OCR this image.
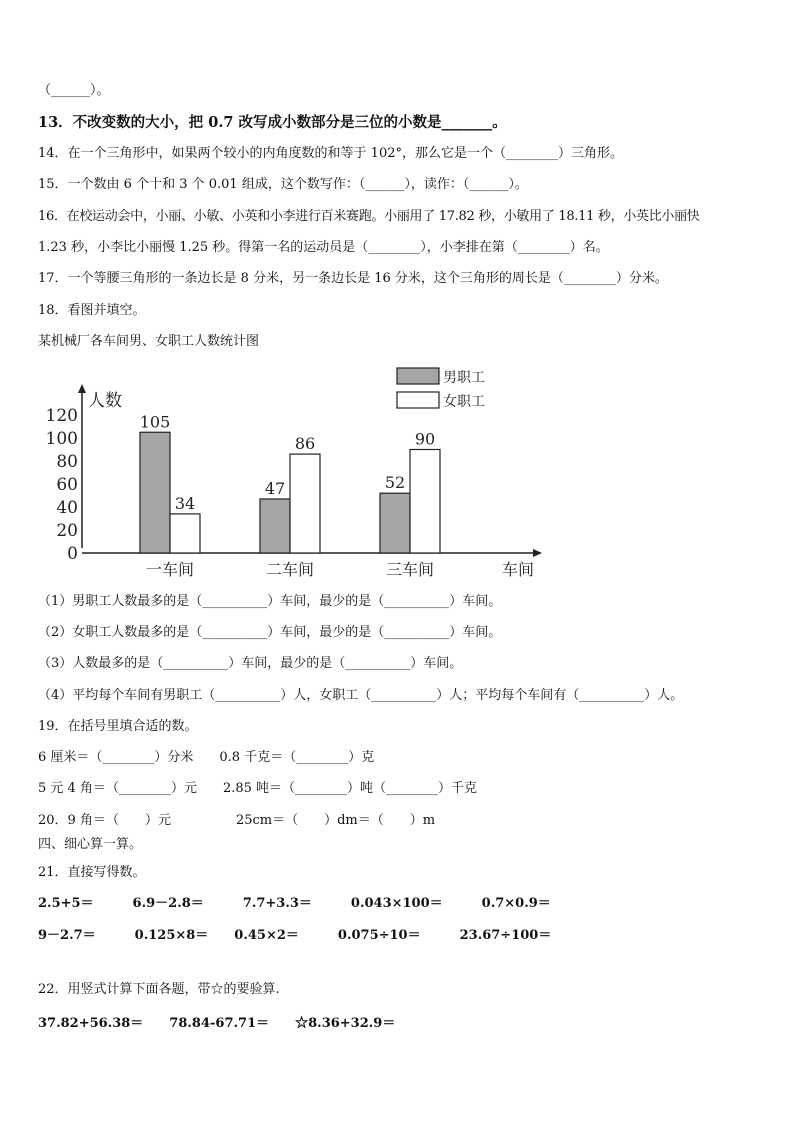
（______）。
13．不改变数的大小，把 0.7 改写成小数部分是三位的小数是_______。
14．在一个三角形中，如果两个较小的内角度数的和等于 102°，那么它是一个（________）三角形。
15．一个数由 6 个十和 3 个 0.01 组成，这个数写作：（______），读作：（______）。
16．在校运动会中，小丽、小敏、小英和小李进行百米赛跑。小丽用了 17.82 秒，小敏用了 18.11 秒，小英比小丽快
1.23 秒，小李比小丽慢 1.25 秒。得第一名的运动员是（________），小李排在第（________）名。
17．一个等腰三角形的一条边长是 8 分米，另一条边长是 16 分米，这个三角形的周长是（________）分米。
18．看图并填空。
某机械厂各车间男、女职工人数统计图
0
20
40
60
80
100
120
人数
车间
105
34
47
86
52
90
一车间	二车间	三车间
男职工
女职工
（1）男职工人数最多的是（__________）车间，最少的是（__________）车间。
（2）女职工人数最多的是（__________）车间，最少的是（__________）车间。
（3）人数最多的是（__________）车间，最少的是（__________）车间。
（4）平均每个车间有男职工（__________）人，女职工（__________）人；平均每个车间有（__________）人。
19．在括号里填合适的数。
6 厘米＝（________）分米　　0.8 千克＝（________）克
5 元 4 角＝（________）元　　2.85 吨＝（________）吨（________）千克
20．9 角＝（　　）元　　　　　25cm＝（　　）dm＝（　　）m
四、细心算一算。
21．直接写得数。
2.5+5＝　　　6.9－2.8＝　　　7.7+3.3＝　　　0.043×100＝　　　0.7×0.9＝
9－2.7＝　　　0.125×8＝　　0.45×2＝　　　0.075÷10＝　　　23.67÷100＝
22．用竖式计算下面各题，带☆的要验算.
37.82+56.38＝　　78.84-67.71＝　　☆8.36+32.9＝
